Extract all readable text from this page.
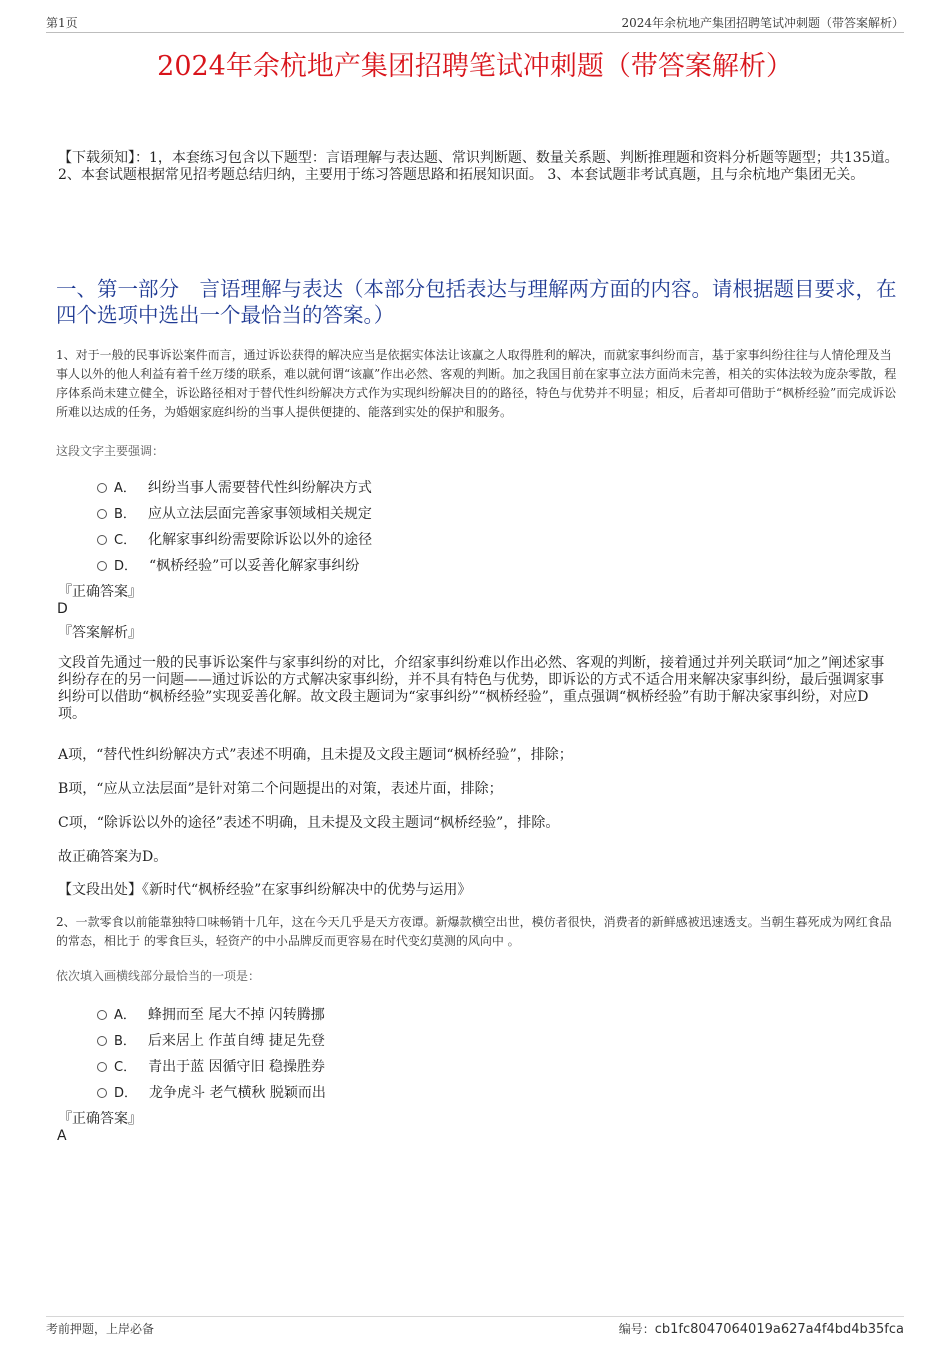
第1页	2024年余杭地产集团招聘笔试冲刺题（带答案解析）
2024年余杭地产集团招聘笔试冲刺题（带答案解析）
【下载须知】：1，本套练习包含以下题型：言语理解与表达题、常识判断题、数量关系题、判断推理题和资料分析题等题型；共135道。 2、本套试题根据常见招考题总结归纳，主要用于练习答题思路和拓展知识面。 3、本套试题非考试真题，且与余杭地产集团无关。
一、第一部分　言语理解与表达（本部分包括表达与理解两方面的内容。请根据题目要求，在四个选项中选出一个最恰当的答案。）
1、对于一般的民事诉讼案件而言，通过诉讼获得的解决应当是依据实体法让该赢之人取得胜利的解决，而就家事纠纷而言，基于家事纠纷往往与人情伦理及当事人以外的他人利益有着千丝万缕的联系，难以就何谓“该赢”作出必然、客观的判断。加之我国目前在家事立法方面尚未完善，相关的实体法较为庞杂零散，程序体系尚未建立健全，诉讼路径相对于替代性纠纷解决方式作为实现纠纷解决目的的路径，特色与优势并不明显；相反，后者却可借助于“枫桥经验”而完成诉讼所难以达成的任务，为婚姻家庭纠纷的当事人提供便捷的、能落到实处的保护和服务。
这段文字主要强调：
A． 纠纷当事人需要替代性纠纷解决方式
B． 应从立法层面完善家事领域相关规定
C． 化解家事纠纷需要除诉讼以外的途径
D． “枫桥经验”可以妥善化解家事纠纷
『正确答案』
D
『答案解析』
文段首先通过一般的民事诉讼案件与家事纠纷的对比，介绍家事纠纷难以作出必然、客观的判断，接着通过并列关联词“加之”阐述家事纠纷存在的另一问题——通过诉讼的方式解决家事纠纷，并不具有特色与优势，即诉讼的方式不适合用来解决家事纠纷，最后强调家事纠纷可以借助“枫桥经验”实现妥善化解。故文段主题词为“家事纠纷”“枫桥经验”，重点强调“枫桥经验”有助于解决家事纠纷，对应D项。
A项，“替代性纠纷解决方式”表述不明确，且未提及文段主题词“枫桥经验”，排除；
B项，“应从立法层面”是针对第二个问题提出的对策，表述片面，排除；
C项，“除诉讼以外的途径”表述不明确，且未提及文段主题词“枫桥经验”，排除。
故正确答案为D。
【文段出处】《新时代“枫桥经验”在家事纠纷解决中的优势与运用》
2、一款零食以前能靠独特口味畅销十几年，这在今天几乎是天方夜谭。新爆款横空出世，模仿者很快，消费者的新鲜感被迅速透支。当朝生暮死成为网红食品的常态，相比于 的零食巨头，轻资产的中小品牌反而更容易在时代变幻莫测的风向中 。
依次填入画横线部分最恰当的一项是：
A． 蜂拥而至 尾大不掉 闪转腾挪
B． 后来居上 作茧自缚 捷足先登
C． 青出于蓝 因循守旧 稳操胜券
D． 龙争虎斗 老气横秋 脱颖而出
『正确答案』
A
考前押题，上岸必备	编号：cb1fc8047064019a627a4f4bd4b35fca
